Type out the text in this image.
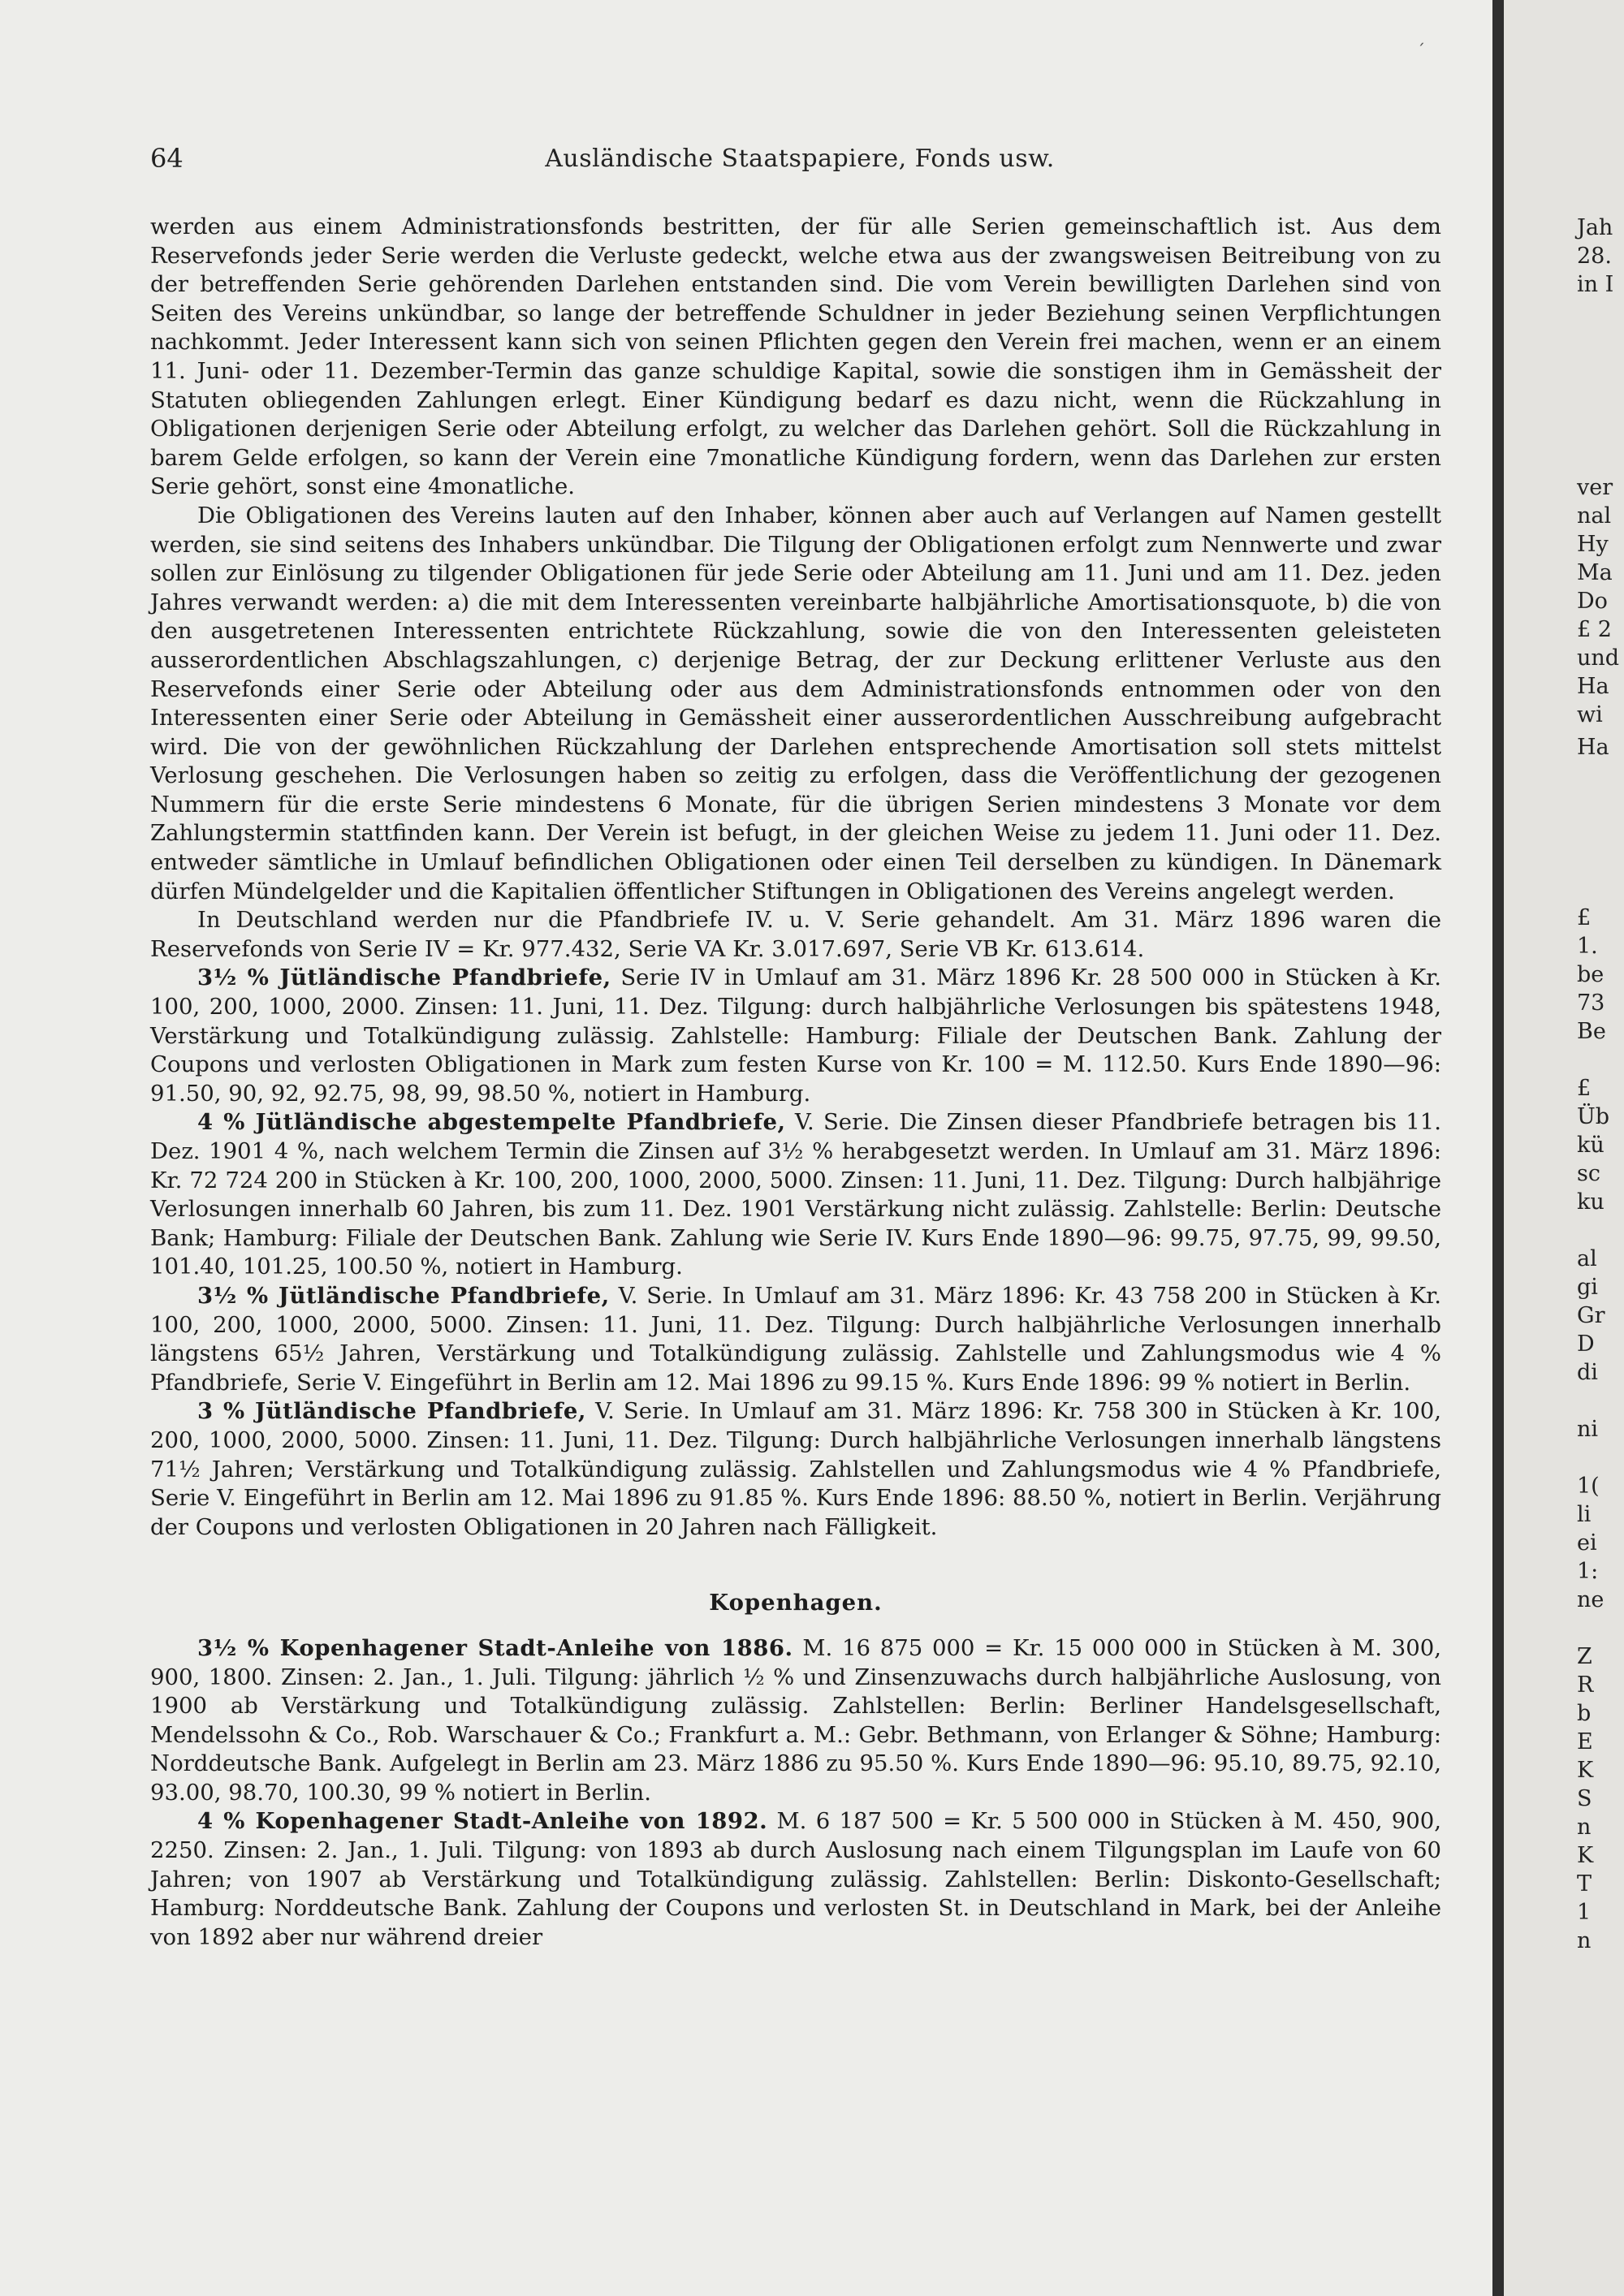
64	Ausländische Staatspapiere, Fonds usw.
ˊ

werden aus einem Administrationsfonds bestritten, der für alle Serien gemeinschaftlich ist. Aus dem Reservefonds jeder Serie werden die Verluste gedeckt, welche etwa aus der zwangsweisen Beitreibung von zu der betreffenden Serie gehörenden Darlehen entstanden sind. Die vom Verein bewilligten Darlehen sind von Seiten des Vereins unkündbar, so lange der betreffende Schuldner in jeder Beziehung seinen Verpflichtungen nachkommt. Jeder Interessent kann sich von seinen Pflichten gegen den Verein frei machen, wenn er an einem 11. Juni- oder 11. Dezember-Termin das ganze schuldige Kapital, sowie die sonstigen ihm in Gemässheit der Statuten obliegenden Zahlungen erlegt. Einer Kündigung bedarf es dazu nicht, wenn die Rückzahlung in Obligationen derjenigen Serie oder Abteilung erfolgt, zu welcher das Darlehen gehört. Soll die Rückzahlung in barem Gelde erfolgen, so kann der Verein eine 7monatliche Kündigung fordern, wenn das Darlehen zur ersten Serie gehört, sonst eine 4monatliche.

Die Obligationen des Vereins lauten auf den Inhaber, können aber auch auf Verlangen auf Namen gestellt werden, sie sind seitens des Inhabers unkündbar. Die Tilgung der Obligationen erfolgt zum Nennwerte und zwar sollen zur Einlösung zu tilgender Obligationen für jede Serie oder Abteilung am 11. Juni und am 11. Dez. jeden Jahres verwandt werden: a) die mit dem Interessenten vereinbarte halbjährliche Amortisationsquote, b) die von den ausgetretenen Interessenten entrichtete Rückzahlung, sowie die von den Interessenten geleisteten ausserordentlichen Abschlagszahlungen, c) derjenige Betrag, der zur Deckung erlittener Verluste aus den Reservefonds einer Serie oder Abteilung oder aus dem Administrationsfonds entnommen oder von den Interessenten einer Serie oder Abteilung in Gemässheit einer ausserordentlichen Ausschreibung aufgebracht wird. Die von der gewöhnlichen Rückzahlung der Darlehen entsprechende Amortisation soll stets mittelst Verlosung geschehen. Die Verlosungen haben so zeitig zu erfolgen, dass die Veröffentlichung der gezogenen Nummern für die erste Serie mindestens 6 Monate, für die übrigen Serien mindestens 3 Monate vor dem Zahlungstermin stattfinden kann. Der Verein ist befugt, in der gleichen Weise zu jedem 11. Juni oder 11. Dez. entweder sämtliche in Umlauf befindlichen Obligationen oder einen Teil derselben zu kündigen. In Dänemark dürfen Mündelgelder und die Kapitalien öffentlicher Stiftungen in Obligationen des Vereins angelegt werden.

In Deutschland werden nur die Pfandbriefe IV. u. V. Serie gehandelt. Am 31. März 1896 waren die Reservefonds von Serie IV = Kr. 977.432, Serie VA Kr. 3.017.697, Serie VB Kr. 613.614.

3½ % Jütländische Pfandbriefe, Serie IV in Umlauf am 31. März 1896 Kr. 28 500 000 in Stücken à Kr. 100, 200, 1000, 2000. Zinsen: 11. Juni, 11. Dez. Tilgung: durch halbjährliche Verlosungen bis spätestens 1948, Verstärkung und Totalkündigung zulässig. Zahlstelle: Hamburg: Filiale der Deutschen Bank. Zahlung der Coupons und verlosten Obligationen in Mark zum festen Kurse von Kr. 100 = M. 112.50. Kurs Ende 1890—96: 91.50, 90, 92, 92.75, 98, 99, 98.50 %, notiert in Hamburg.

4 % Jütländische abgestempelte Pfandbriefe, V. Serie. Die Zinsen dieser Pfandbriefe betragen bis 11. Dez. 1901 4 %, nach welchem Termin die Zinsen auf 3½ % herabgesetzt werden. In Umlauf am 31. März 1896: Kr. 72 724 200 in Stücken à Kr. 100, 200, 1000, 2000, 5000. Zinsen: 11. Juni, 11. Dez. Tilgung: Durch halbjährige Verlosungen innerhalb 60 Jahren, bis zum 11. Dez. 1901 Verstärkung nicht zulässig. Zahlstelle: Berlin: Deutsche Bank; Hamburg: Filiale der Deutschen Bank. Zahlung wie Serie IV. Kurs Ende 1890—96: 99.75, 97.75, 99, 99.50, 101.40, 101.25, 100.50 %, notiert in Hamburg.

3½ % Jütländische Pfandbriefe, V. Serie. In Umlauf am 31. März 1896: Kr. 43 758 200 in Stücken à Kr. 100, 200, 1000, 2000, 5000. Zinsen: 11. Juni, 11. Dez. Tilgung: Durch halbjährliche Verlosungen innerhalb längstens 65½ Jahren, Verstärkung und Totalkündigung zulässig. Zahlstelle und Zahlungsmodus wie 4 % Pfandbriefe, Serie V. Eingeführt in Berlin am 12. Mai 1896 zu 99.15 %. Kurs Ende 1896: 99 % notiert in Berlin.

3 % Jütländische Pfandbriefe, V. Serie. In Umlauf am 31. März 1896: Kr. 758 300 in Stücken à Kr. 100, 200, 1000, 2000, 5000. Zinsen: 11. Juni, 11. Dez. Tilgung: Durch halbjährliche Verlosungen innerhalb längstens 71½ Jahren; Verstärkung und Totalkündigung zulässig. Zahlstellen und Zahlungsmodus wie 4 % Pfandbriefe, Serie V. Eingeführt in Berlin am 12. Mai 1896 zu 91.85 %. Kurs Ende 1896: 88.50 %, notiert in Berlin. Verjährung der Coupons und verlosten Obligationen in 20 Jahren nach Fälligkeit.

Kopenhagen.

3½ % Kopenhagener Stadt-Anleihe von 1886. M. 16 875 000 = Kr. 15 000 000 in Stücken à M. 300, 900, 1800. Zinsen: 2. Jan., 1. Juli. Tilgung: jährlich ½ % und Zinsenzuwachs durch halbjährliche Auslosung, von 1900 ab Verstärkung und Totalkündigung zulässig. Zahlstellen: Berlin: Berliner Handelsgesellschaft, Mendelssohn & Co., Rob. Warschauer & Co.; Frankfurt a. M.: Gebr. Bethmann, von Erlanger & Söhne; Hamburg: Norddeutsche Bank. Aufgelegt in Berlin am 23. März 1886 zu 95.50 %. Kurs Ende 1890—96: 95.10, 89.75, 92.10, 93.00, 98.70, 100.30, 99 % notiert in Berlin.

4 % Kopenhagener Stadt-Anleihe von 1892. M. 6 187 500 = Kr. 5 500 000 in Stücken à M. 450, 900, 2250. Zinsen: 2. Jan., 1. Juli. Tilgung: von 1893 ab durch Auslosung nach einem Tilgungsplan im Laufe von 60 Jahren; von 1907 ab Verstärkung und Totalkündigung zulässig. Zahlstellen: Berlin: Diskonto-Gesellschaft; Hamburg: Norddeutsche Bank. Zahlung der Coupons und verlosten St. in Deutschland in Mark, bei der Anleihe von 1892 aber nur während dreier

Jah
28.
in I
ver
nal
Hy
Ma
Do
£ 2
und
Ha
wi
Ha
£
1.
be
73
Be
£
Üb
kü
sc
ku
al
gi
Gr
D
di
ni
1(
li
ei
1:
ne
Z
R
b
E
K
S
n
K
T
1
n
